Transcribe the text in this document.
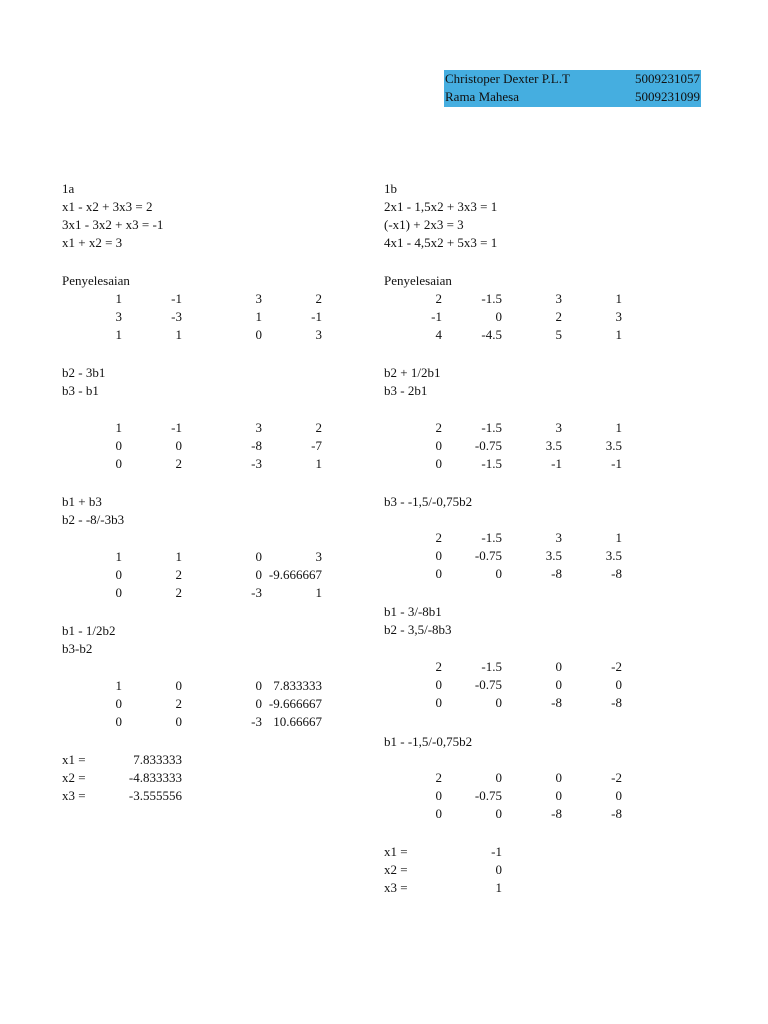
Christoper Dexter P.L.T	5009231057
Rama Mahesa	5009231099
1a
x1 - x2 + 3x3 = 2
3x1 - 3x2 + x3 = -1
x1 + x2 = 3
Penyelesaian
1	-1	3	2
3	-3	1	-1
1	1	0	3
b2 - 3b1
b3 - b1
1	-1	3	2
0	0	-8	-7
0	2	-3	1
b1 + b3
b2 - -8/-3b3
1	1	0	3
0	2	0 -9.666667
0	2	-3	1
b1 - 1/2b2
b3-b2
1	0	0 7.833333
0	2	0 -9.666667
0	0	-3 10.66667
x1 =	7.833333
x2 =	-4.833333
x3 =	-3.555556
1b
2x1 - 1,5x2 + 3x3 = 1
(-x1) + 2x3 = 3
4x1 - 4,5x2 + 5x3 = 1
Penyelesaian
2	-1.5	3	1
-1	0	2	3
4	-4.5	5	1
b2 + 1/2b1
b3 - 2b1
2	-1.5	3	1
0	-0.75	3.5	3.5
0	-1.5	-1	-1
b3 - -1,5/-0,75b2
2	-1.5	3	1
0	-0.75	3.5	3.5
0	0	-8	-8
b1 - 3/-8b1
b2 - 3,5/-8b3
2	-1.5	0	-2
0	-0.75	0	0
0	0	-8	-8
b1 - -1,5/-0,75b2
2	0	0	-2
0	-0.75	0	0
0	0	-8	-8
x1 =	-1
x2 =	0
x3 =	1
